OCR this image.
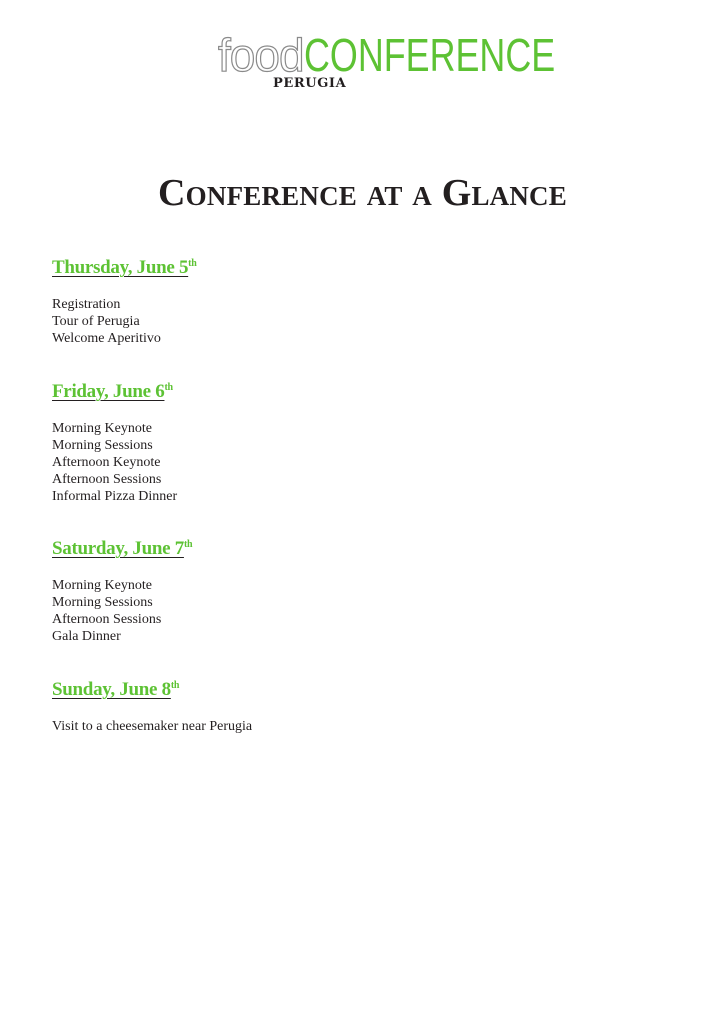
foodCONFERENCE
PERUGIA
Conference at a Glance
Thursday, June 5th
Registration
Tour of Perugia
Welcome Aperitivo
Friday, June 6th
Morning Keynote
Morning Sessions
Afternoon Keynote
Afternoon Sessions
Informal Pizza Dinner
Saturday, June 7th
Morning Keynote
Morning Sessions
Afternoon Sessions
Gala Dinner
Sunday, June 8th
Visit to a cheesemaker near Perugia
